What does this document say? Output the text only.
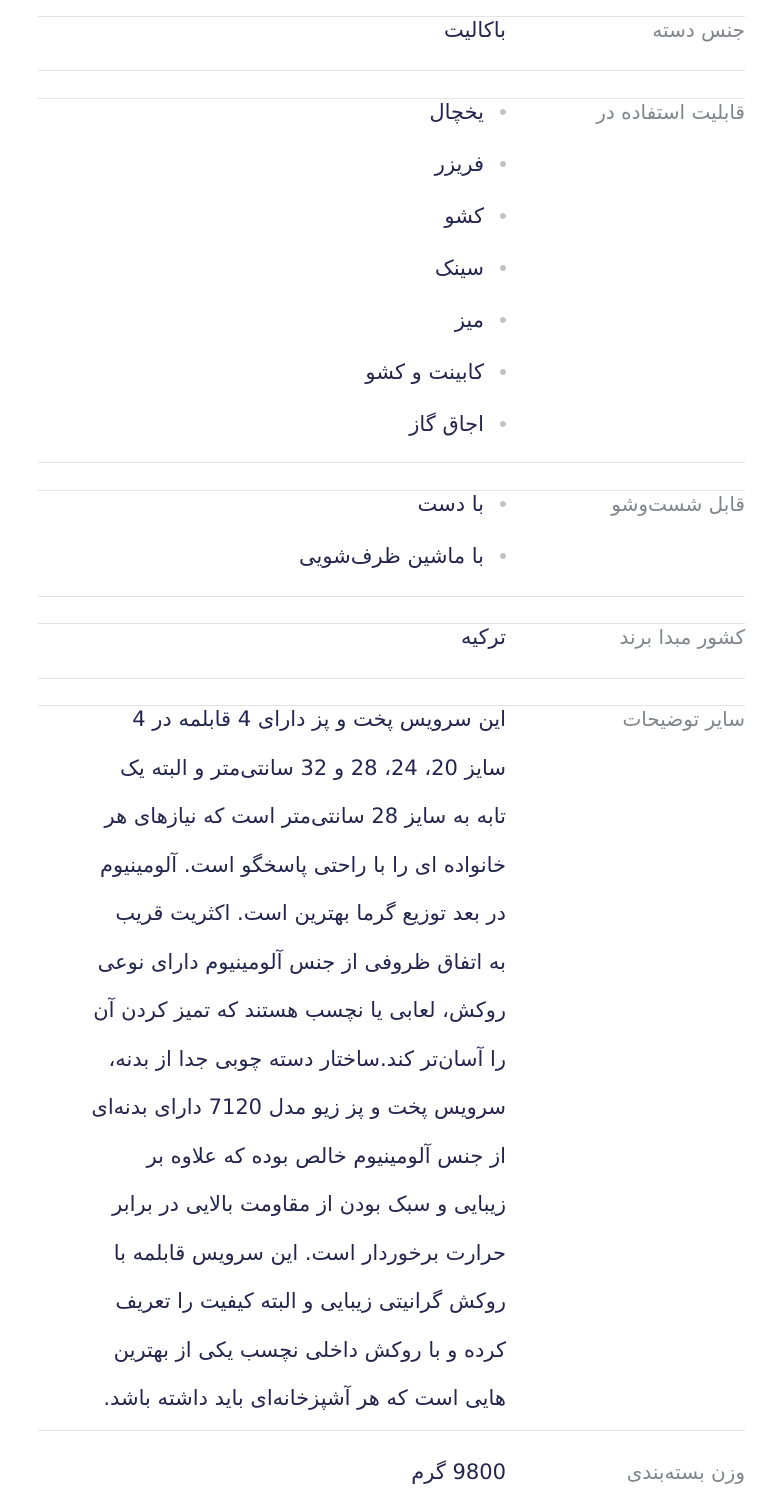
جنس دسته
باکالیت
قابلیت استفاده در
یخچال
فریزر
کشو
سینک
میز
کابینت و کشو
اجاق گاز
قابل شست‌وشو
با دست
با ماشین ظرف‌شویی
کشور مبدا برند
ترکیه
سایر توضیحات
این سرویس پخت و پز دارای 4 قابلمه در 4
سایز 20، 24، 28 و 32 سانتی‌متر و البته یک
تابه به سایز 28 سانتی‌متر است که نیازهای هر
خانواده ای را با راحتی پاسخگو است. آلومینیوم
در بعد توزیع گرما بهترین است. اکثریت قریب
به اتفاق ظروفی از جنس آلومینیوم دارای نوعی
روکش، لعابی یا نچسب هستند که تمیز کردن آن
را آسان‌تر کند.ساختار دسته چوبی جدا از بدنه،
سرویس پخت و پز زیو مدل 7120 دارای بدنه‌ای
از جنس آلومینیوم خالص بوده که علاوه بر
زیبایی و سبک بودن از مقاومت بالایی در برابر
حرارت برخوردار است. این سرویس قابلمه با
روکش گرانیتی زیبایی و البته کیفیت را تعریف
کرده و با روکش داخلی نچسب یکی از بهترین
هایی است که هر آشپزخانه‌ای باید داشته باشد.
وزن بسته‌بندی
9800 گرم
